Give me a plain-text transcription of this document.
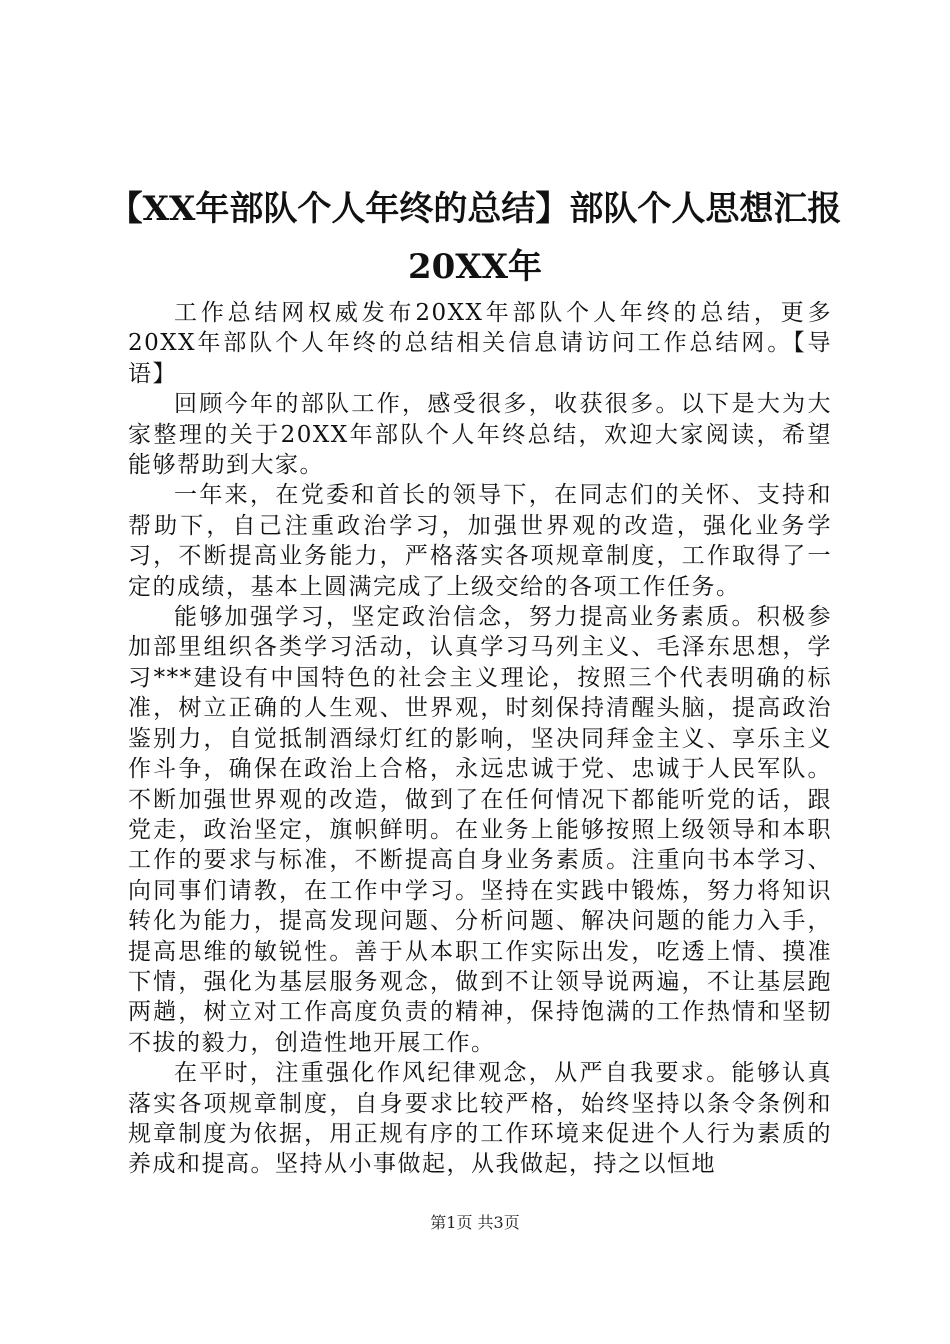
【XX年部队个人年终的总结】部队个人思想汇报20XX年

工作总结网权威发布20XX年部队个人年终的总结，更多20XX年部队个人年终的总结相关信息请访问工作总结网。【导语】

回顾今年的部队工作，感受很多，收获很多。以下是大为大家整理的关于20XX年部队个人年终总结，欢迎大家阅读，希望能够帮助到大家。

一年来，在党委和首长的领导下，在同志们的关怀、支持和帮助下，自己注重政治学习，加强世界观的改造，强化业务学习，不断提高业务能力，严格落实各项规章制度，工作取得了一定的成绩，基本上圆满完成了上级交给的各项工作任务。

能够加强学习，坚定政治信念，努力提高业务素质。积极参加部里组织各类学习活动，认真学习马列主义、毛泽东思想，学习***建设有中国特色的社会主义理论，按照三个代表明确的标准，树立正确的人生观、世界观，时刻保持清醒头脑，提高政治鉴别力，自觉抵制酒绿灯红的影响，坚决同拜金主义、享乐主义作斗争，确保在政治上合格，永远忠诚于党、忠诚于人民军队。不断加强世界观的改造，做到了在任何情况下都能听党的话，跟党走，政治坚定，旗帜鲜明。在业务上能够按照上级领导和本职工作的要求与标准，不断提高自身业务素质。注重向书本学习、向同事们请教，在工作中学习。坚持在实践中锻炼，努力将知识转化为能力，提高发现问题、分析问题、解决问题的能力入手，提高思维的敏锐性。善于从本职工作实际出发，吃透上情、摸准下情，强化为基层服务观念，做到不让领导说两遍，不让基层跑两趟，树立对工作高度负责的精神，保持饱满的工作热情和坚韧不拔的毅力，创造性地开展工作。

在平时，注重强化作风纪律观念，从严自我要求。能够认真落实各项规章制度，自身要求比较严格，始终坚持以条令条例和规章制度为依据，用正规有序的工作环境来促进个人行为素质的养成和提高。坚持从小事做起，从我做起，持之以恒地

第1页 共3页
